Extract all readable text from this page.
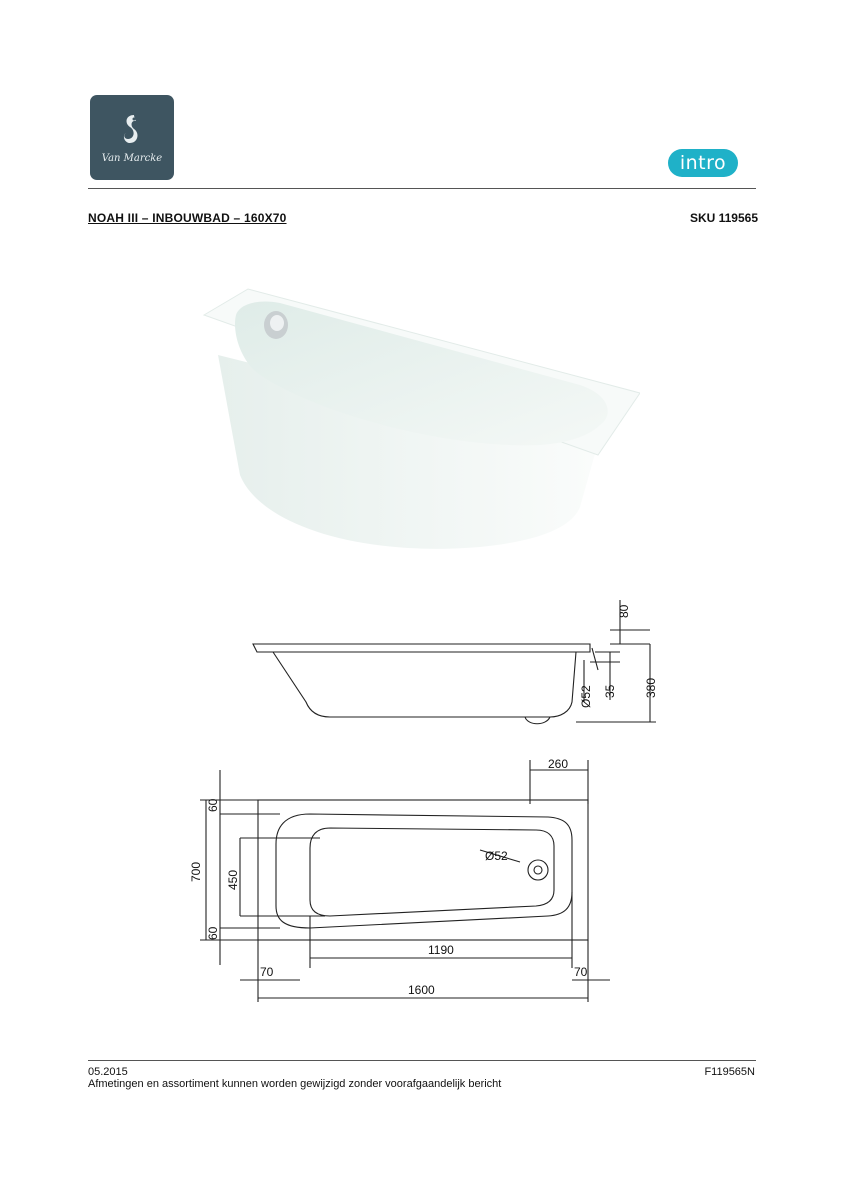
Van Marcke	intro
NOAH III – INBOUWBAD – 160X70	SKU 119565
80
35 380
Ø52
260
Ø52
700
60
60
450
1190
70	70
1600
05.2015
Afmetingen en assortiment kunnen worden gewijzigd zonder voorafgaandelijk bericht
F119565N
